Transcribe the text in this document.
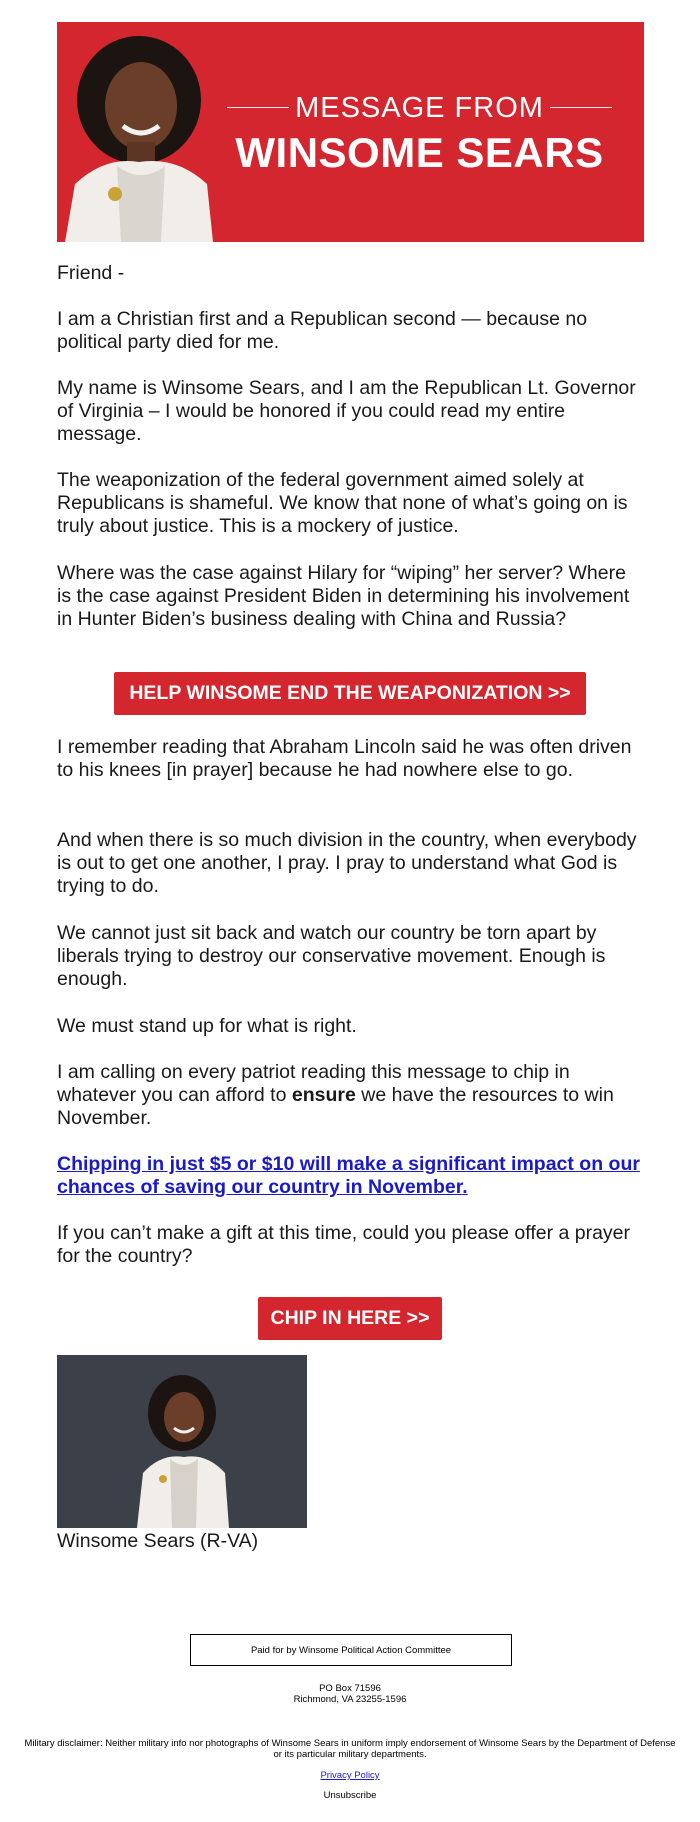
MESSAGE FROM
WINSOME SEARS

Friend -

I am a Christian first and a Republican second — because no political party died for me.

My name is Winsome Sears, and I am the Republican Lt. Governor of Virginia – I would be honored if you could read my entire message.

The weaponization of the federal government aimed solely at Republicans is shameful. We know that none of what’s going on is truly about justice. This is a mockery of justice.

Where was the case against Hilary for “wiping” her server? Where is the case against President Biden in determining his involvement in Hunter Biden’s business dealing with China and Russia?

HELP WINSOME END THE WEAPONIZATION >>

I remember reading that Abraham Lincoln said he was often driven to his knees [in prayer] because he had nowhere else to go.

And when there is so much division in the country, when everybody is out to get one another, I pray. I pray to understand what God is trying to do.

We cannot just sit back and watch our country be torn apart by liberals trying to destroy our conservative movement. Enough is enough.

We must stand up for what is right.

I am calling on every patriot reading this message to chip in whatever you can afford to ensure we have the resources to win November.

Chipping in just $5 or $10 will make a significant impact on our chances of saving our country in November.

If you can’t make a gift at this time, could you please offer a prayer for the country?

CHIP IN HERE >>
Winsome Sears (R-VA)
Paid for by Winsome Political Action Committee
PO Box 71596
Richmond, VA 23255-1596
Military disclaimer: Neither military info nor photographs of Winsome Sears in uniform imply endorsement of Winsome Sears by the Department of Defense or its particular military departments.
Privacy Policy
Unsubscribe
